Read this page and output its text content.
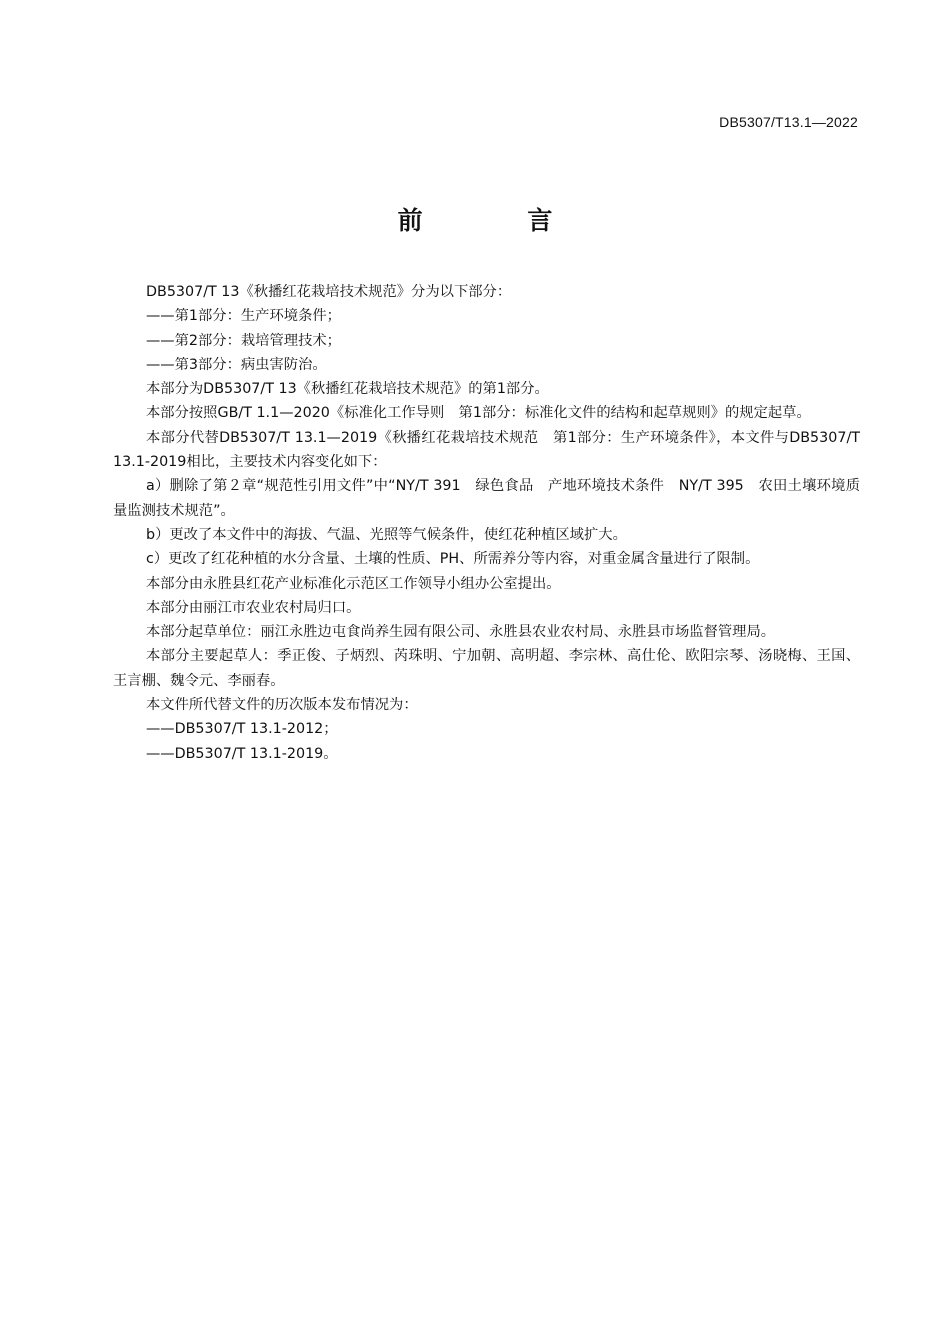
DB5307/T13.1—2022
前 言

DB5307/T 13《秋播红花栽培技术规范》分为以下部分：

——第1部分：生产环境条件；

——第2部分：栽培管理技术；

——第3部分：病虫害防治。

本部分为DB5307/T 13《秋播红花栽培技术规范》的第1部分。

本部分按照GB/T 1.1—2020《标准化工作导则　第1部分：标准化文件的结构和起草规则》的规定起草。

本部分代替DB5307/T 13.1—2019《秋播红花栽培技术规范　第1部分：生产环境条件》，本文件与DB5307/T 13.1-2019相比，主要技术内容变化如下：

a）删除了第２章“规范性引用文件”中“NY/T 391　绿色食品　产地环境技术条件　NY/T 395　农田土壤环境质量监测技术规范”。

b）更改了本文件中的海拔、气温、光照等气候条件，使红花种植区域扩大。

c）更改了红花种植的水分含量、土壤的性质、PH、所需养分等内容，对重金属含量进行了限制。

本部分由永胜县红花产业标准化示范区工作领导小组办公室提出。

本部分由丽江市农业农村局归口。

本部分起草单位：丽江永胜边屯食尚养生园有限公司、永胜县农业农村局、永胜县市场监督管理局。

本部分主要起草人：季正俊、子炳烈、芮珠明、宁加朝、高明超、李宗林、高仕伦、欧阳宗琴、汤晓梅、王国、王言棚、魏令元、李丽春。

本文件所代替文件的历次版本发布情况为：

——DB5307/T 13.1-2012；

——DB5307/T 13.1-2019。
